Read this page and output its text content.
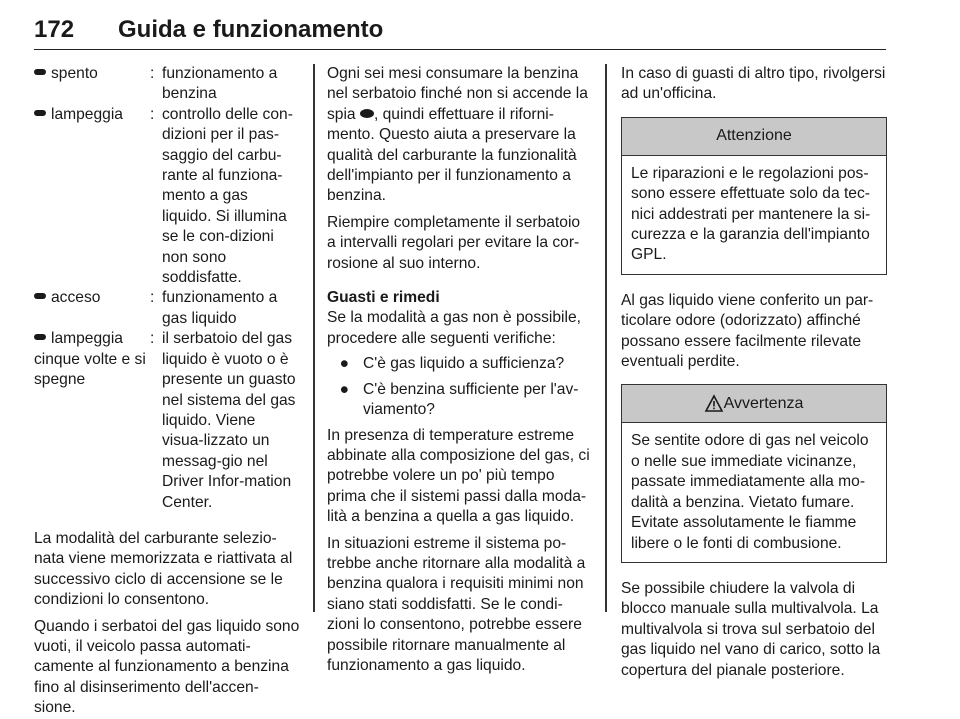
172 Guida e funzionamento
spento	: funzionamento a benzina
lampeggia	: controllo delle con-dizioni per il pas-saggio del carbu-rante al funziona-mento a gas liquido. Si illumina se le con-dizioni non sono soddisfatte.
acceso	: funzionamento a gas liquido
lampeggia cinque volte e si spegne
: il serbatoio del gas liquido è vuoto o è presente un guasto nel sistema del gas liquido. Viene visua-lizzato un messag-gio nel Driver Infor-mation Center.

La modalità del carburante selezio-nata viene memorizzata e riattivata al successivo ciclo di accensione se le condizioni lo consentono.

Quando i serbatoi del gas liquido sono vuoti, il veicolo passa automati-camente al funzionamento a benzina fino al disinserimento dell'accen-sione.

Ogni sei mesi consumare la benzina nel serbatoio finché non si accende la spia , quindi effettuare il riforni-mento. Questo aiuta a preservare la qualità del carburante la funzionalità dell'impianto per il funzionamento a benzina.

Riempire completamente il serbatoio a intervalli regolari per evitare la cor-rosione al suo interno.

Guasti e rimedi

Se la modalità a gas non è possibile, procedere alle seguenti verifiche:

● C'è gas liquido a sufficienza?
● C'è benzina sufficiente per l'av-viamento?

In presenza di temperature estreme abbinate alla composizione del gas, ci potrebbe volere un po' più tempo prima che il sistemi passi dalla moda-lità a benzina a quella a gas liquido.

In situazioni estreme il sistema po-trebbe anche ritornare alla modalità a benzina qualora i requisiti minimi non siano stati soddisfatti. Se le condi-zioni lo consentono, potrebbe essere possibile ritornare manualmente al funzionamento a gas liquido.

In caso di guasti di altro tipo, rivolgersi ad un'officina.

Attenzione
Le riparazioni e le regolazioni pos-sono essere effettuate solo da tec-nici addestrati per mantenere la si-curezza e la garanzia dell'impianto GPL.

Al gas liquido viene conferito un par-ticolare odore (odorizzato) affinché possano essere facilmente rilevate eventuali perdite.

Avvertenza
Se sentite odore di gas nel veicolo o nelle sue immediate vicinanze, passate immediatamente alla mo-dalità a benzina. Vietato fumare. Evitate assolutamente le fiamme libere o le fonti di combusione.

Se possibile chiudere la valvola di blocco manuale sulla multivalvola. La multivalvola si trova sul serbatoio del gas liquido nel vano di carico, sotto la copertura del pianale posteriore.
